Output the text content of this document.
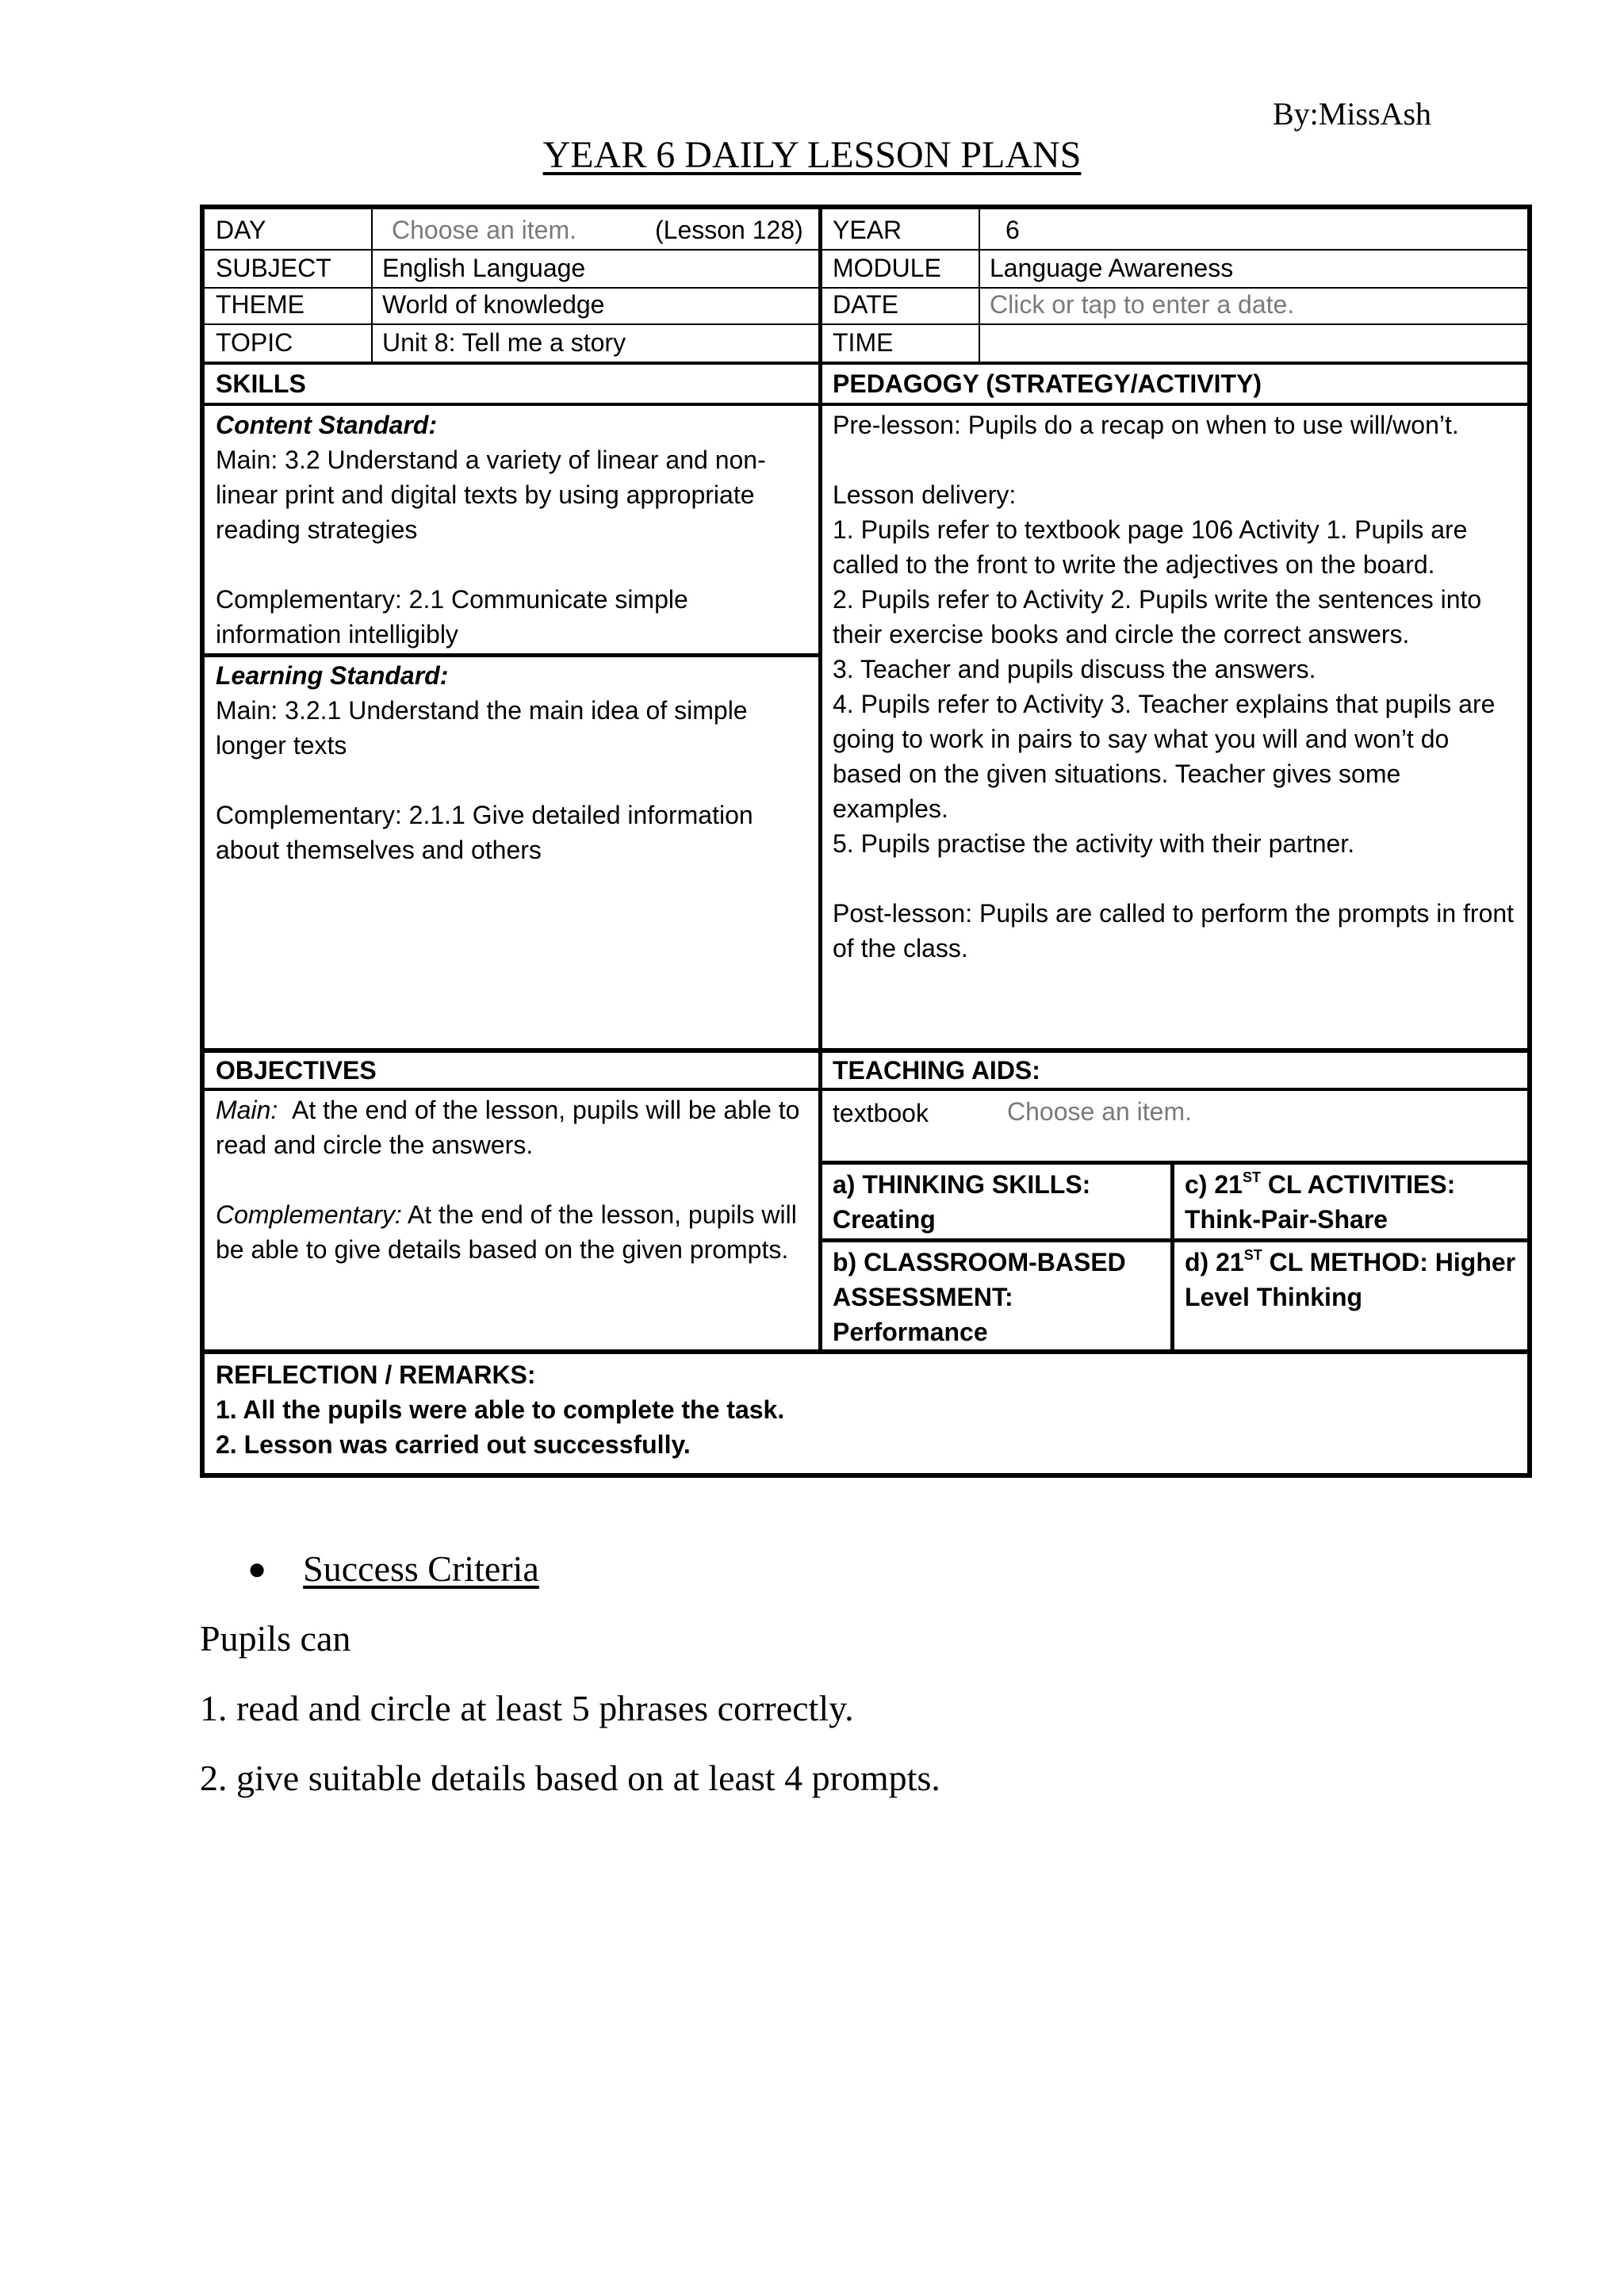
By:MissAsh
YEAR 6 DAILY LESSON PLANS
DAY	Choose an item.	(Lesson 128) YEAR	6
SUBJECT English Language	MODULE Language Awareness
THEME	World of knowledge	DATE	Click or tap to enter a date.
TOPIC	Unit 8: Tell me a story	TIME
SKILLS
Content Standard:
Main: 3.2 Understand a variety of linear and non-linear print and digital texts by using appropriate reading strategies
Complementary: 2.1 Communicate simple information intelligibly
Learning Standard:
Main: 3.2.1 Understand the main idea of simple longer texts
Complementary: 2.1.1 Give detailed information about themselves and others
PEDAGOGY (STRATEGY/ACTIVITY)
Pre-lesson: Pupils do a recap on when to use will/won’t.
Lesson delivery:
1. Pupils refer to textbook page 106 Activity 1. Pupils are called to the front to write the adjectives on the board.
2. Pupils refer to Activity 2. Pupils write the sentences into their exercise books and circle the correct answers.
3. Teacher and pupils discuss the answers.
4. Pupils refer to Activity 3. Teacher explains that pupils are going to work in pairs to say what you will and won’t do based on the given situations. Teacher gives some examples.
5. Pupils practise the activity with their partner.
Post-lesson: Pupils are called to perform the prompts in front of the class.
OBJECTIVES
Main: At the end of the lesson, pupils will be able to read and circle the answers.
Complementary: At the end of the lesson, pupils will be able to give details based on the given prompts.
TEACHING AIDS:
textbook	Choose an item.
a) THINKING SKILLS:
Creating
c) 21ST CL ACTIVITIES:
Think-Pair-Share
b) CLASSROOM-BASED
ASSESSMENT: Performance
d) 21ST CL METHOD: Higher
Level Thinking
REFLECTION / REMARKS:
1. All the pupils were able to complete the task.
2. Lesson was carried out successfully.
● Success Criteria
Pupils can
1. read and circle at least 5 phrases correctly.
2. give suitable details based on at least 4 prompts.
